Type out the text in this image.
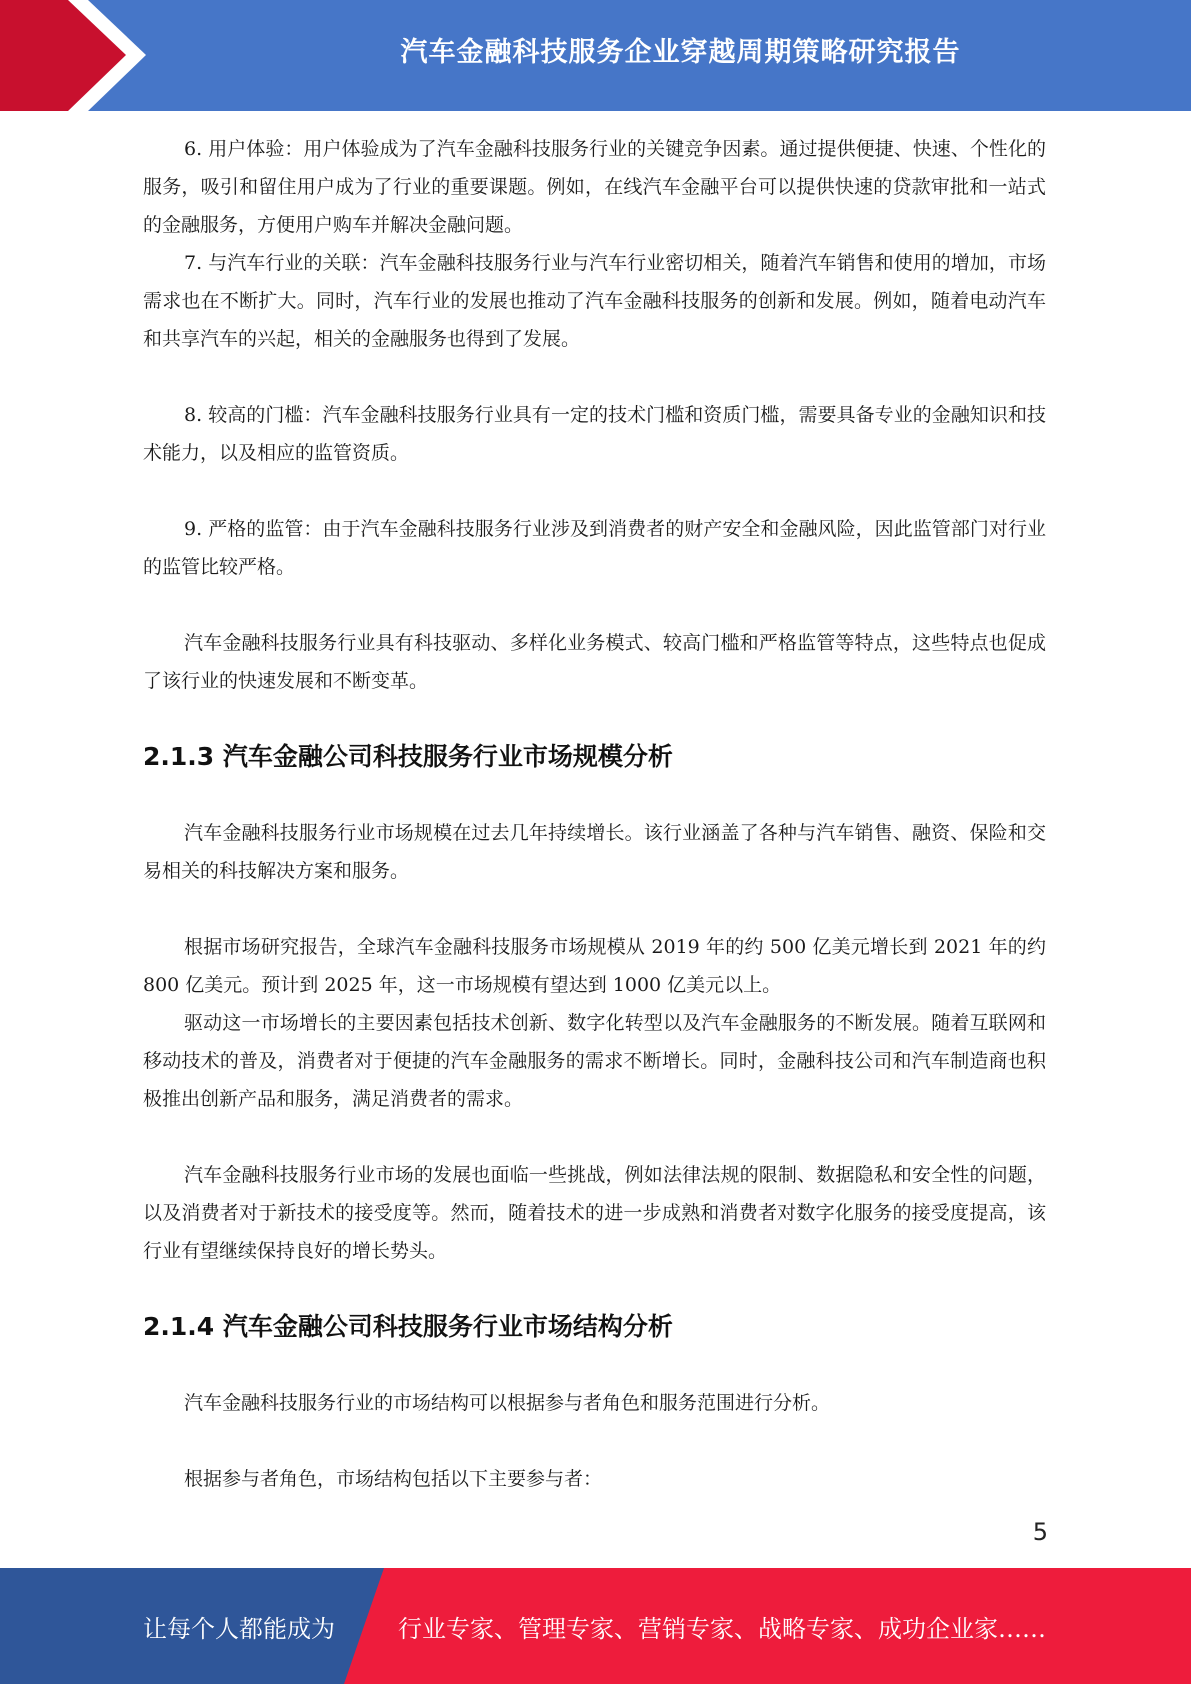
汽车金融科技服务企业穿越周期策略研究报告

6. 用户体验：用户体验成为了汽车金融科技服务行业的关键竞争因素。通过提供便捷、快速、个性化的服务，吸引和留住用户成为了行业的重要课题。例如，在线汽车金融平台可以提供快速的贷款审批和一站式的金融服务，方便用户购车并解决金融问题。

7. 与汽车行业的关联：汽车金融科技服务行业与汽车行业密切相关，随着汽车销售和使用的增加，市场需求也在不断扩大。同时，汽车行业的发展也推动了汽车金融科技服务的创新和发展。例如，随着电动汽车和共享汽车的兴起，相关的金融服务也得到了发展。

8. 较高的门槛：汽车金融科技服务行业具有一定的技术门槛和资质门槛，需要具备专业的金融知识和技术能力，以及相应的监管资质。

9. 严格的监管：由于汽车金融科技服务行业涉及到消费者的财产安全和金融风险，因此监管部门对行业的监管比较严格。

汽车金融科技服务行业具有科技驱动、多样化业务模式、较高门槛和严格监管等特点，这些特点也促成了该行业的快速发展和不断变革。

2.1.3 汽车金融公司科技服务行业市场规模分析

汽车金融科技服务行业市场规模在过去几年持续增长。该行业涵盖了各种与汽车销售、融资、保险和交易相关的科技解决方案和服务。

根据市场研究报告，全球汽车金融科技服务市场规模从 2019 年的约 500 亿美元增长到 2021 年的约 800 亿美元。预计到 2025 年，这一市场规模有望达到 1000 亿美元以上。

驱动这一市场增长的主要因素包括技术创新、数字化转型以及汽车金融服务的不断发展。随着互联网和移动技术的普及，消费者对于便捷的汽车金融服务的需求不断增长。同时，金融科技公司和汽车制造商也积极推出创新产品和服务，满足消费者的需求。

汽车金融科技服务行业市场的发展也面临一些挑战，例如法律法规的限制、数据隐私和安全性的问题，以及消费者对于新技术的接受度等。然而，随着技术的进一步成熟和消费者对数字化服务的接受度提高，该行业有望继续保持良好的增长势头。

2.1.4 汽车金融公司科技服务行业市场结构分析

汽车金融科技服务行业的市场结构可以根据参与者角色和服务范围进行分析。

根据参与者角色，市场结构包括以下主要参与者：

5
让每个人都能成为	行业专家、管理专家、营销专家、战略专家、成功企业家……
